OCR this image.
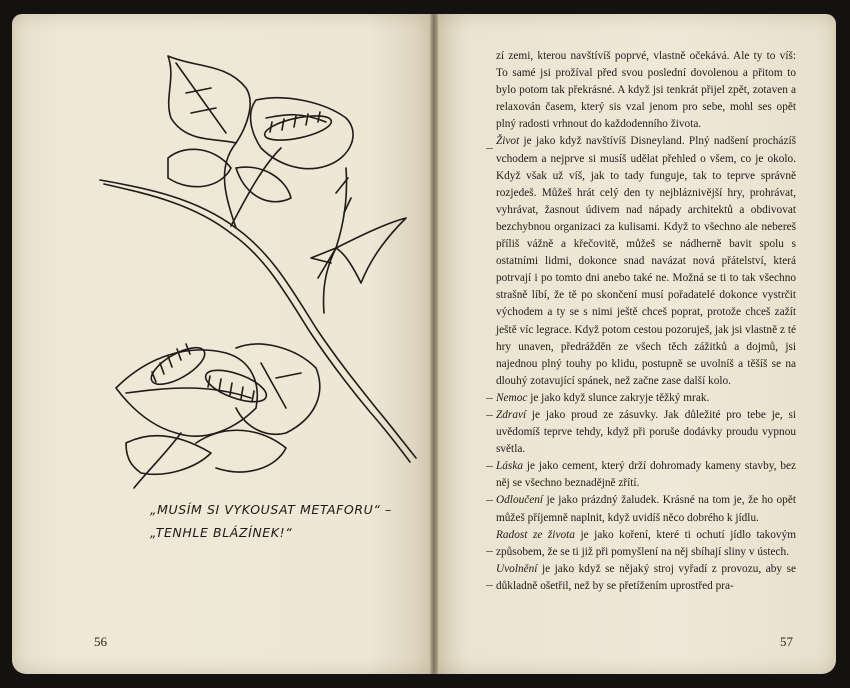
„MUSÍM SI VYKOUSAT METAFORU“ –
„TENHLE BLÁZÍNEK!“
56	57

zí zemi, kterou navštívíš poprvé, vlastně očekává. Ale ty to víš: To samé jsi prožíval před svou poslední dovolenou a přitom to bylo potom tak překrásné. A když jsi tenkrát přijel zpět, zotaven a relaxován časem, který sis vzal jenom pro sebe, mohl ses opět plný radosti vrhnout do každodenního života.

Život je jako když navštívíš Disneyland. Plný nadšení procházíš vchodem a nejprve si musíš udělat přehled o všem, co je okolo. Když však už víš, jak to tady funguje, tak to teprve správně rozjedeš. Můžeš hrát celý den ty nejbláznivější hry, prohrávat, vyhrávat, žasnout údivem nad nápady architektů a obdivovat bezchybnou organizaci za kulisami. Když to všechno ale nebereš příliš vážně a křečovitě, můžeš se nádherně bavit spolu s ostatními lidmi, dokonce snad navázat nová přátelství, která potrvají i po tomto dni anebo také ne. Možná se ti to tak všechno strašně líbí, že tě po skončení musí pořadatelé dokonce vystrčit východem a ty se s nimi ještě chceš poprat, protože chceš zažít ještě víc legrace. Když potom cestou pozoruješ, jak jsi vlastně z té hry unaven, předrážděn ze všech těch zážitků a dojmů, jsi najednou plný touhy po klidu, postupně se uvolníš a těšíš se na dlouhý zotavující spánek, než začne zase další kolo.

Nemoc je jako když slunce zakryje těžký mrak.

Zdraví je jako proud ze zásuvky. Jak důležité pro tebe je, si uvědomíš teprve tehdy, když při poruše dodávky proudu vypnou světla.

Láska je jako cement, který drží dohromady kameny stavby, bez něj se všechno beznadějně zřítí.

Odloučení je jako prázdný žaludek. Krásné na tom je, že ho opět můžeš příjemně naplnit, když uvidíš něco dobrého k jídlu.

Radost ze života je jako koření, které ti ochutí jídlo takovým způsobem, že se ti již při pomyšlení na něj sbíhají sliny v ústech.

Uvolnění je jako když se nějaký stroj vyřadí z provozu, aby se důkladně ošetřil, než by se přetížením uprostřed pra-
